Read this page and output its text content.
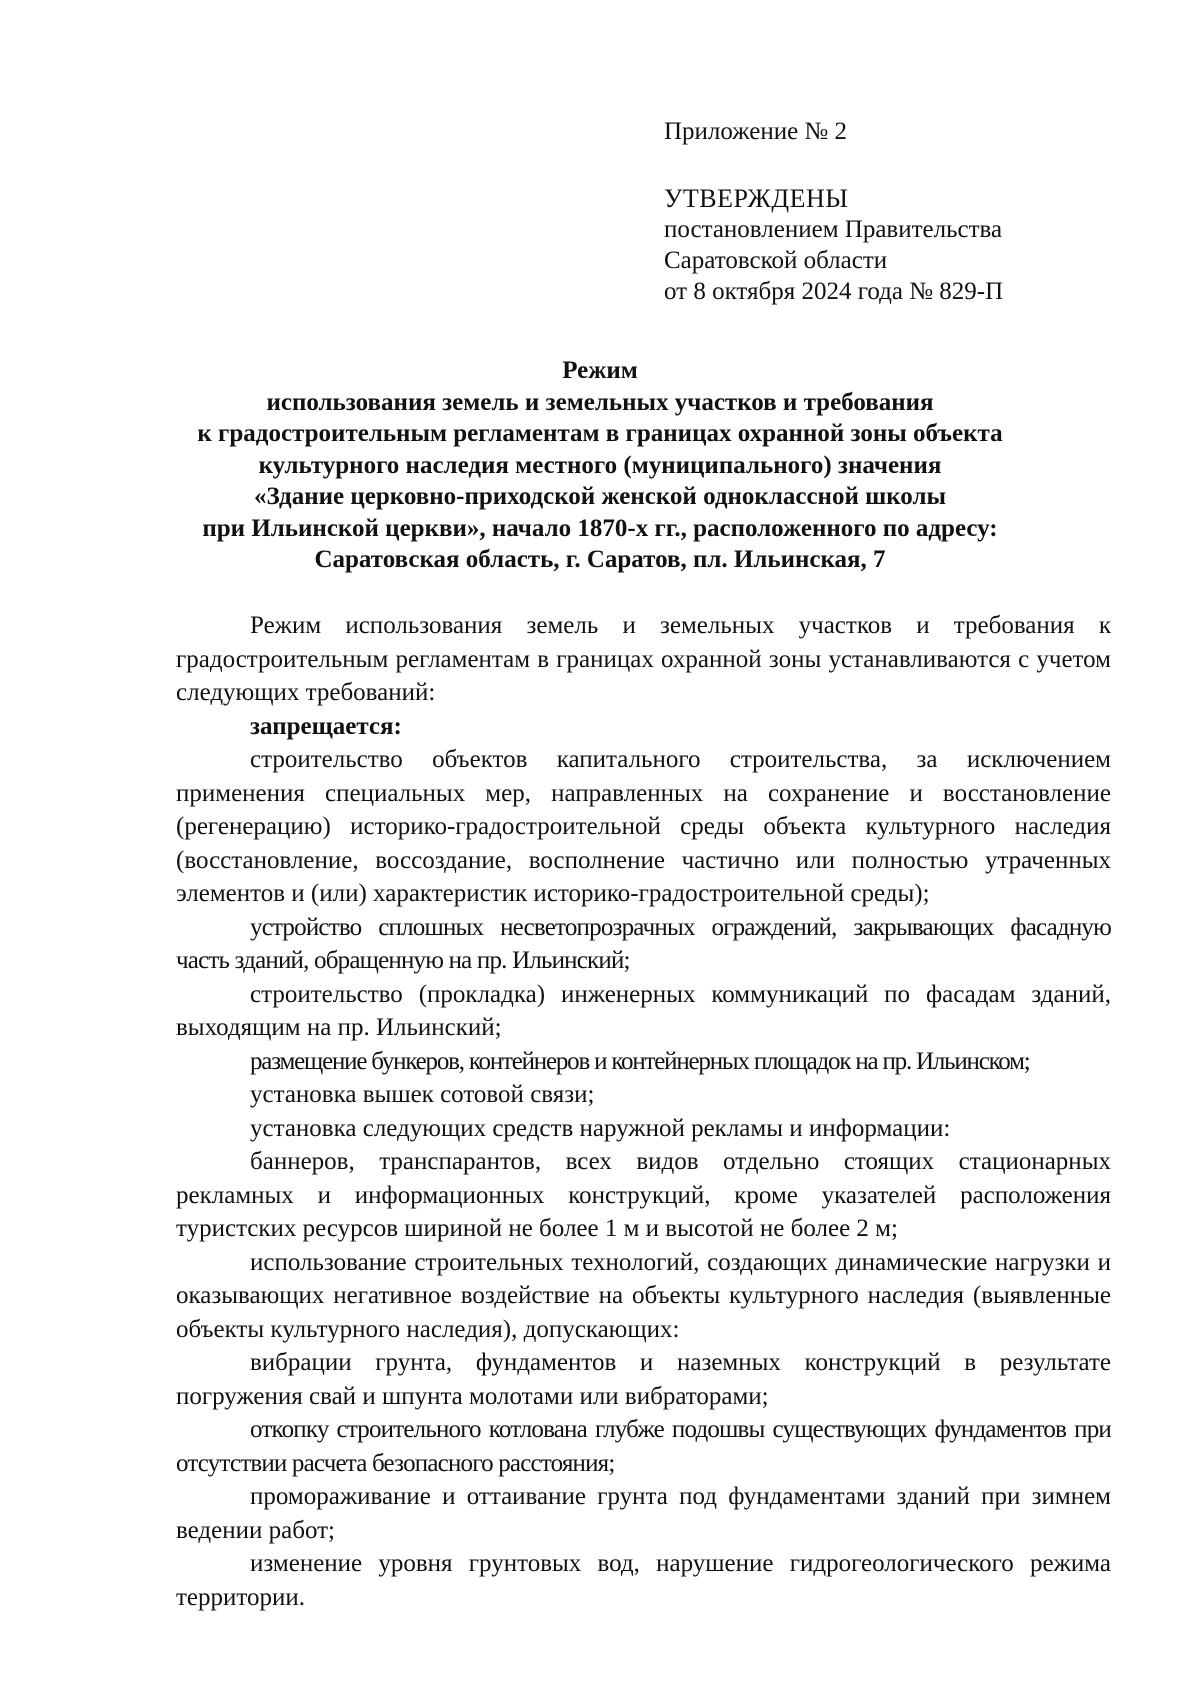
Приложение № 2
УТВЕРЖДЕНЫ
постановлением Правительства
Саратовской области
от 8 октября 2024 года № 829-П
Режим
использования земель и земельных участков и требования
к градостроительным регламентам в границах охранной зоны объекта
культурного наследия местного (муниципального) значения
«Здание церковно-приходской женской одноклассной школы
при Ильинской церкви», начало 1870-х гг., расположенного по адресу:
Саратовская область, г. Саратов, пл. Ильинская, 7

Режим использования земель и земельных участков и требования к градостроительным регламентам в границах охранной зоны устанавливаются с учетом следующих требований:

запрещается:

строительство объектов капитального строительства, за исключением применения специальных мер, направленных на сохранение и восстановление (регенерацию) историко-градостроительной среды объекта культурного наследия (восстановление, воссоздание, восполнение частично или полностью утраченных элементов и (или) характеристик историко-градостроительной среды);

устройство сплошных несветопрозрачных ограждений, закрывающих фасадную часть зданий, обращенную на пр. Ильинский;

строительство (прокладка) инженерных коммуникаций по фасадам зданий, выходящим на пр. Ильинский;

размещение бункеров, контейнеров и контейнерных площадок на пр. Ильинском;

установка вышек сотовой связи;

установка следующих средств наружной рекламы и информации:

баннеров, транспарантов, всех видов отдельно стоящих стационарных рекламных и информационных конструкций, кроме указателей расположения туристских ресурсов шириной не более 1 м и высотой не более 2 м;

использование строительных технологий, создающих динамические нагрузки и оказывающих негативное воздействие на объекты культурного наследия (выявленные объекты культурного наследия), допускающих:

вибрации грунта, фундаментов и наземных конструкций в результате погружения свай и шпунта молотами или вибраторами;

откопку строительного котлована глубже подошвы существующих фундаментов при отсутствии расчета безопасного расстояния;

промораживание и оттаивание грунта под фундаментами зданий при зимнем ведении работ;

изменение уровня грунтовых вод, нарушение гидрогеологического режима территории.
